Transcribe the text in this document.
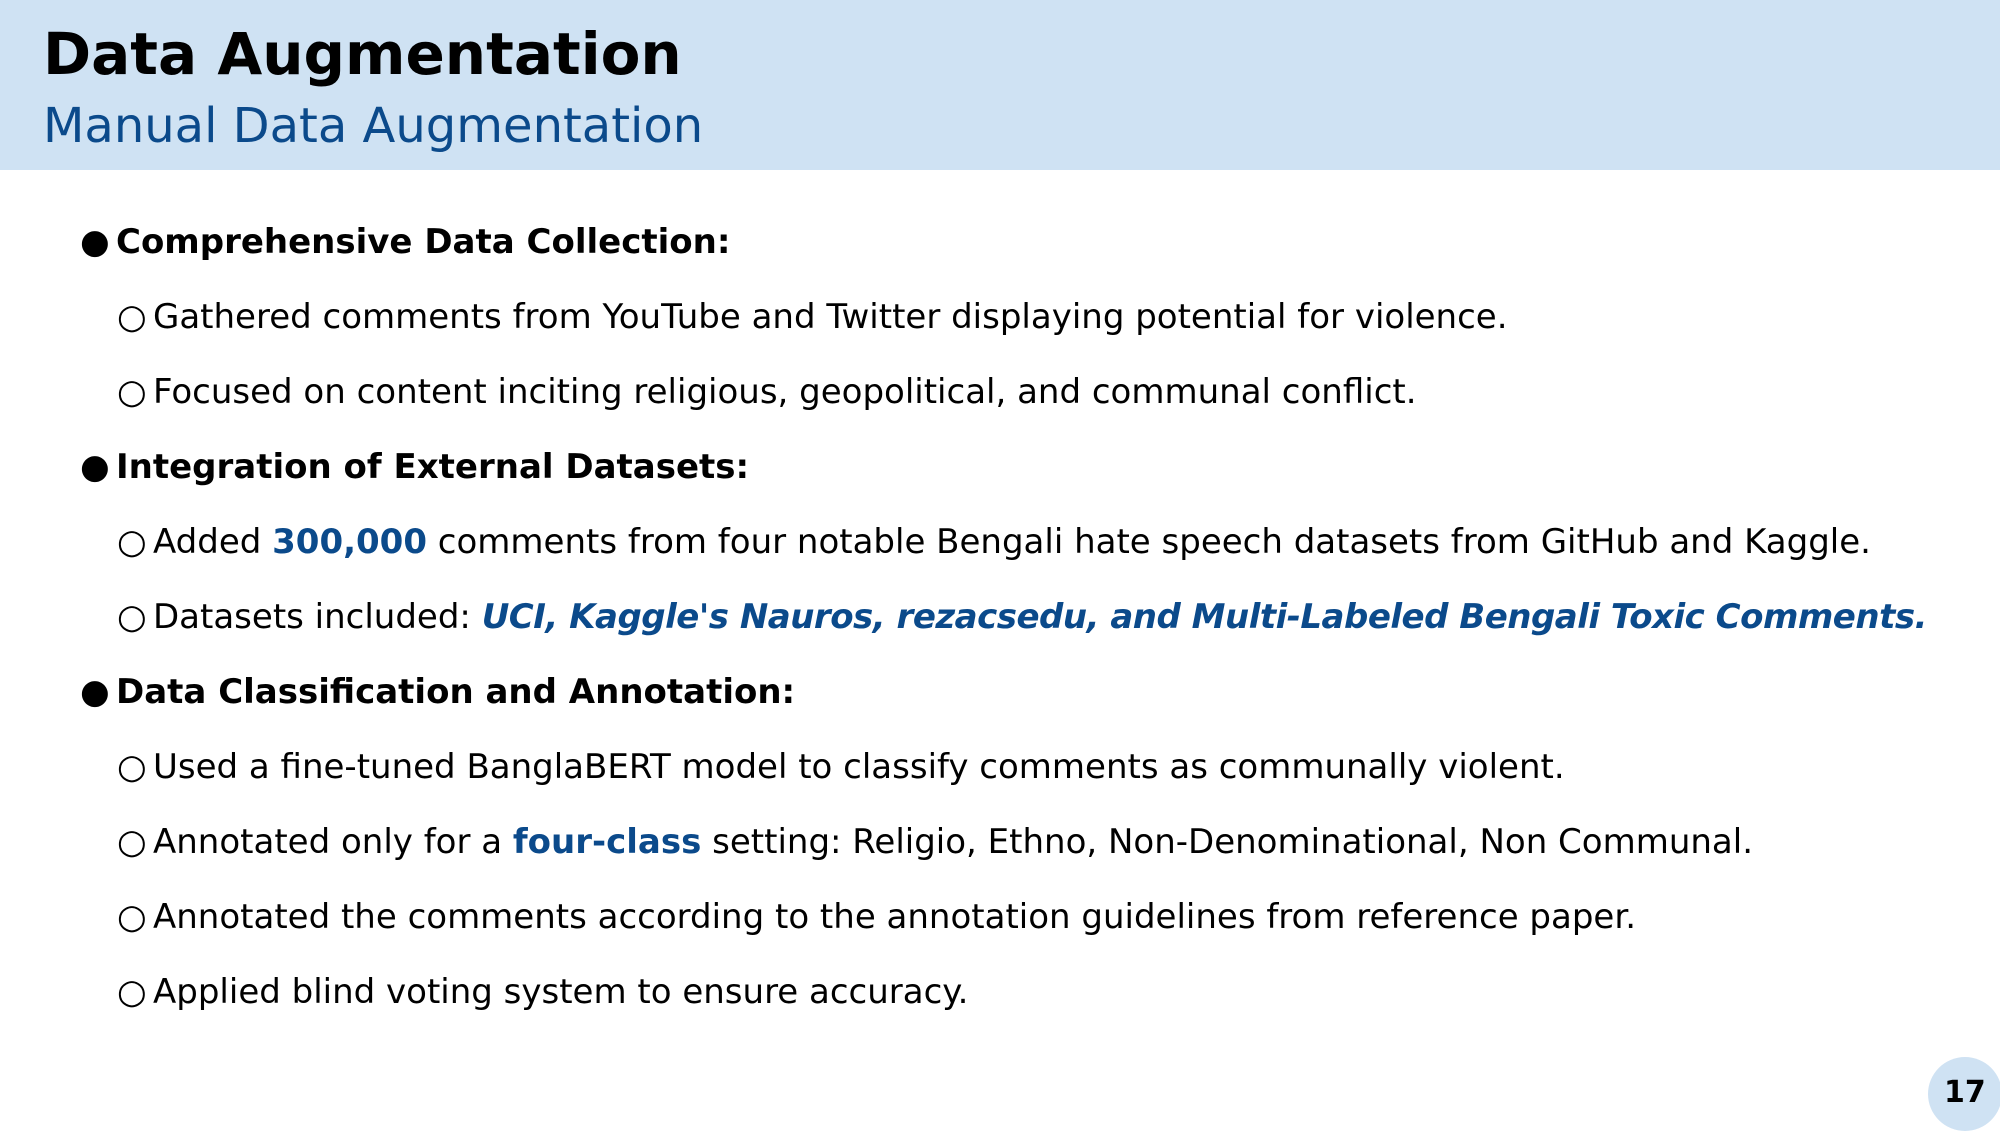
Data Augmentation
Manual Data Augmentation
● Comprehensive Data Collection:
○ Gathered comments from YouTube and Twitter displaying potential for violence.
○ Focused on content inciting religious, geopolitical, and communal conflict.
● Integration of External Datasets:
○ Added 300,000 comments from four notable Bengali hate speech datasets from GitHub and Kaggle.
○ Datasets included: UCI, Kaggle's Nauros, rezacsedu, and Multi-Labeled Bengali Toxic Comments.
● Data Classification and Annotation:
○ Used a fine-tuned BanglaBERT model to classify comments as communally violent.
○ Annotated only for a four-class setting: Religio, Ethno, Non-Denominational, Non Communal.
○ Annotated the comments according to the annotation guidelines from reference paper.
○ Applied blind voting system to ensure accuracy.
17
